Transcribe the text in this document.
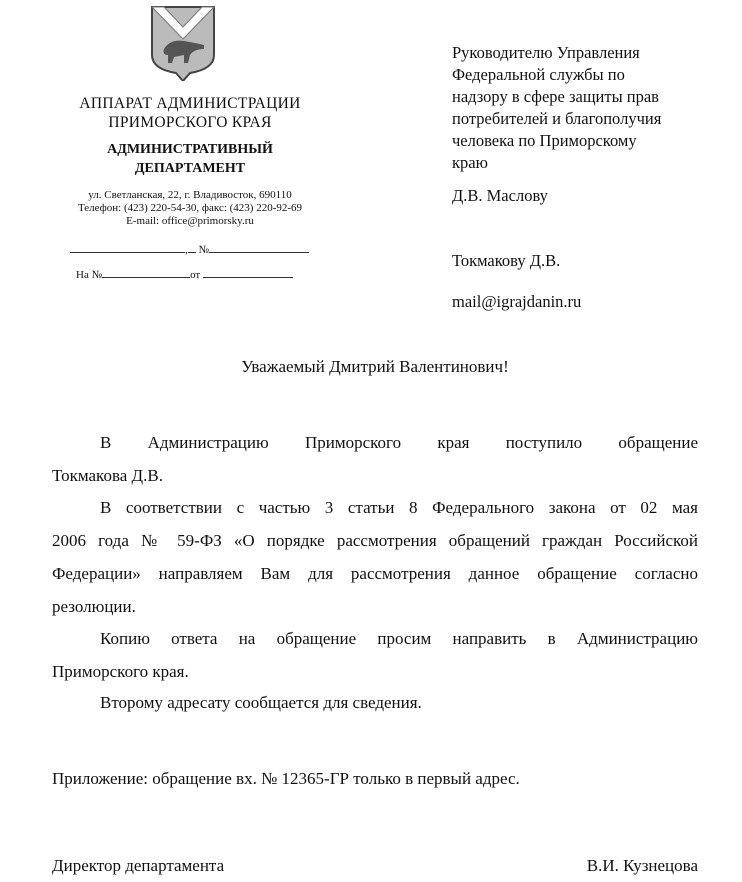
АППАРАТ АДМИНИСТРАЦИИ
ПРИМОРСКОГО КРАЯ
АДМИНИСТРАТИВНЫЙ
ДЕПАРТАМЕНТ
ул. Светланская, 22, г. Владивосток, 690110
Телефон: (423) 220-54-30, факс: (423) 220-92-69
E-mail: office@primorsky.ru
, №
На №	от
Руководителю Управления
Федеральной службы по
надзору в сфере защиты прав
потребителей и благополучия
человека по Приморскому
краю
Д.В. Маслову
Токмакову Д.В.
mail@igrajdanin.ru
Уважаемый Дмитрий Валентинович!
В Администрацию Приморского края поступило обращение
Токмакова Д.В.
В соответствии с частью 3 статьи 8 Федерального закона от 02 мая
2006 года № 59-ФЗ «О порядке рассмотрения обращений граждан Российской
Федерации» направляем Вам для рассмотрения данное обращение согласно
резолюции.
Копию ответа на обращение просим направить в Администрацию
Приморского края.
Второму адресату сообщается для сведения.
Приложение: обращение вх. № 12365-ГР только в первый адрес.
Директор департамента	В.И. Кузнецова
